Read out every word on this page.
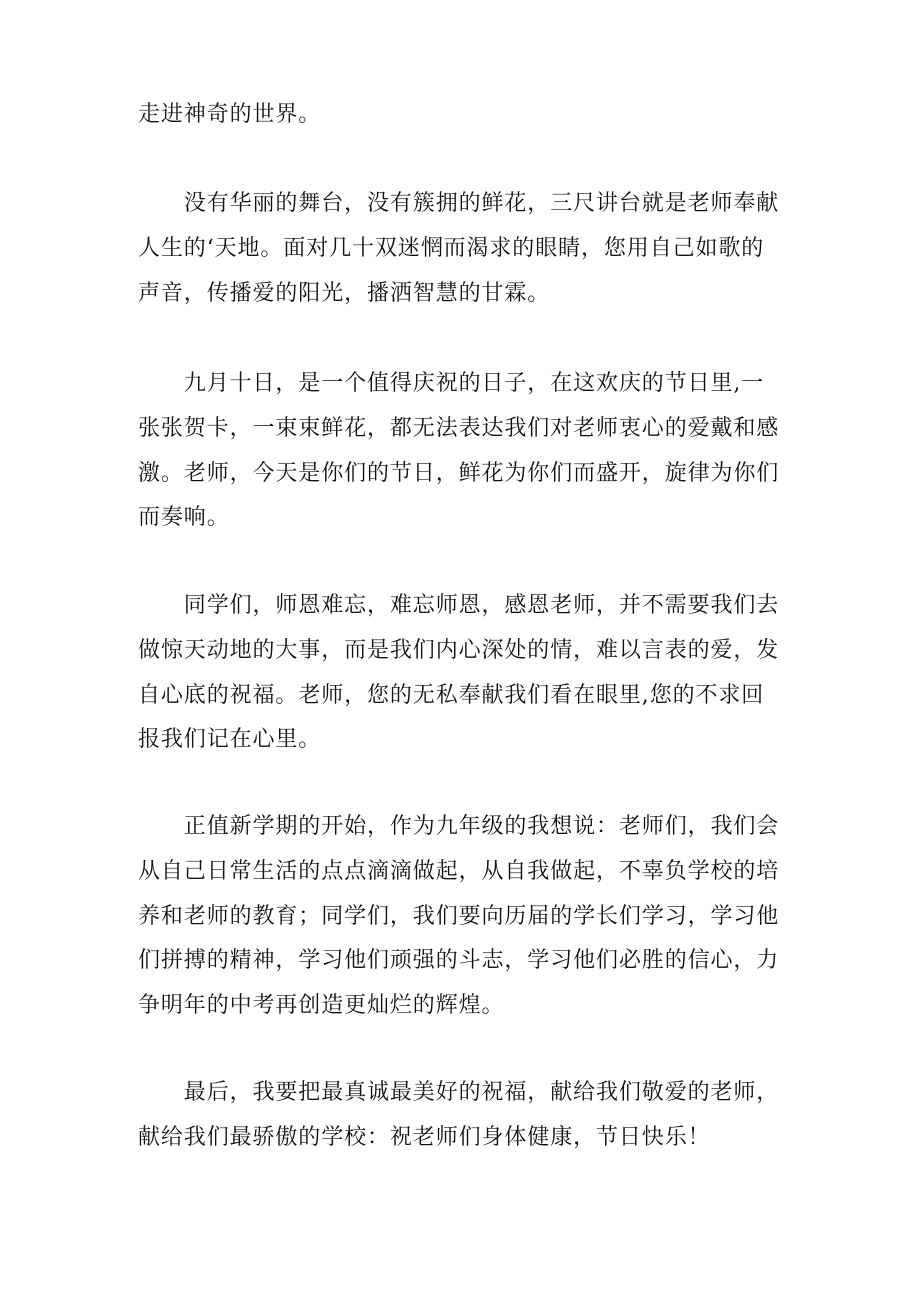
走进神奇的世界。

　　没有华丽的舞台，没有簇拥的鲜花，三尺讲台就是老师奉献
人生的‘天地。面对几十双迷惘而渴求的眼睛，您用自己如歌的
声音，传播爱的阳光，播洒智慧的甘霖。

　　九月十日，是一个值得庆祝的日子，在这欢庆的节日里,一
张张贺卡，一束束鲜花，都无法表达我们对老师衷心的爱戴和感
激。老师，今天是你们的节日，鲜花为你们而盛开，旋律为你们
而奏响。

　　同学们，师恩难忘，难忘师恩，感恩老师，并不需要我们去
做惊天动地的大事，而是我们内心深处的情，难以言表的爱，发
自心底的祝福。老师，您的无私奉献我们看在眼里,您的不求回
报我们记在心里。

　　正值新学期的开始，作为九年级的我想说：老师们，我们会
从自己日常生活的点点滴滴做起，从自我做起，不辜负学校的培
养和老师的教育；同学们，我们要向历届的学长们学习，学习他
们拼搏的精神，学习他们顽强的斗志，学习他们必胜的信心，力
争明年的中考再创造更灿烂的辉煌。

　　最后，我要把最真诚最美好的祝福，献给我们敬爱的老师，
献给我们最骄傲的学校：祝老师们身体健康，节日快乐！
